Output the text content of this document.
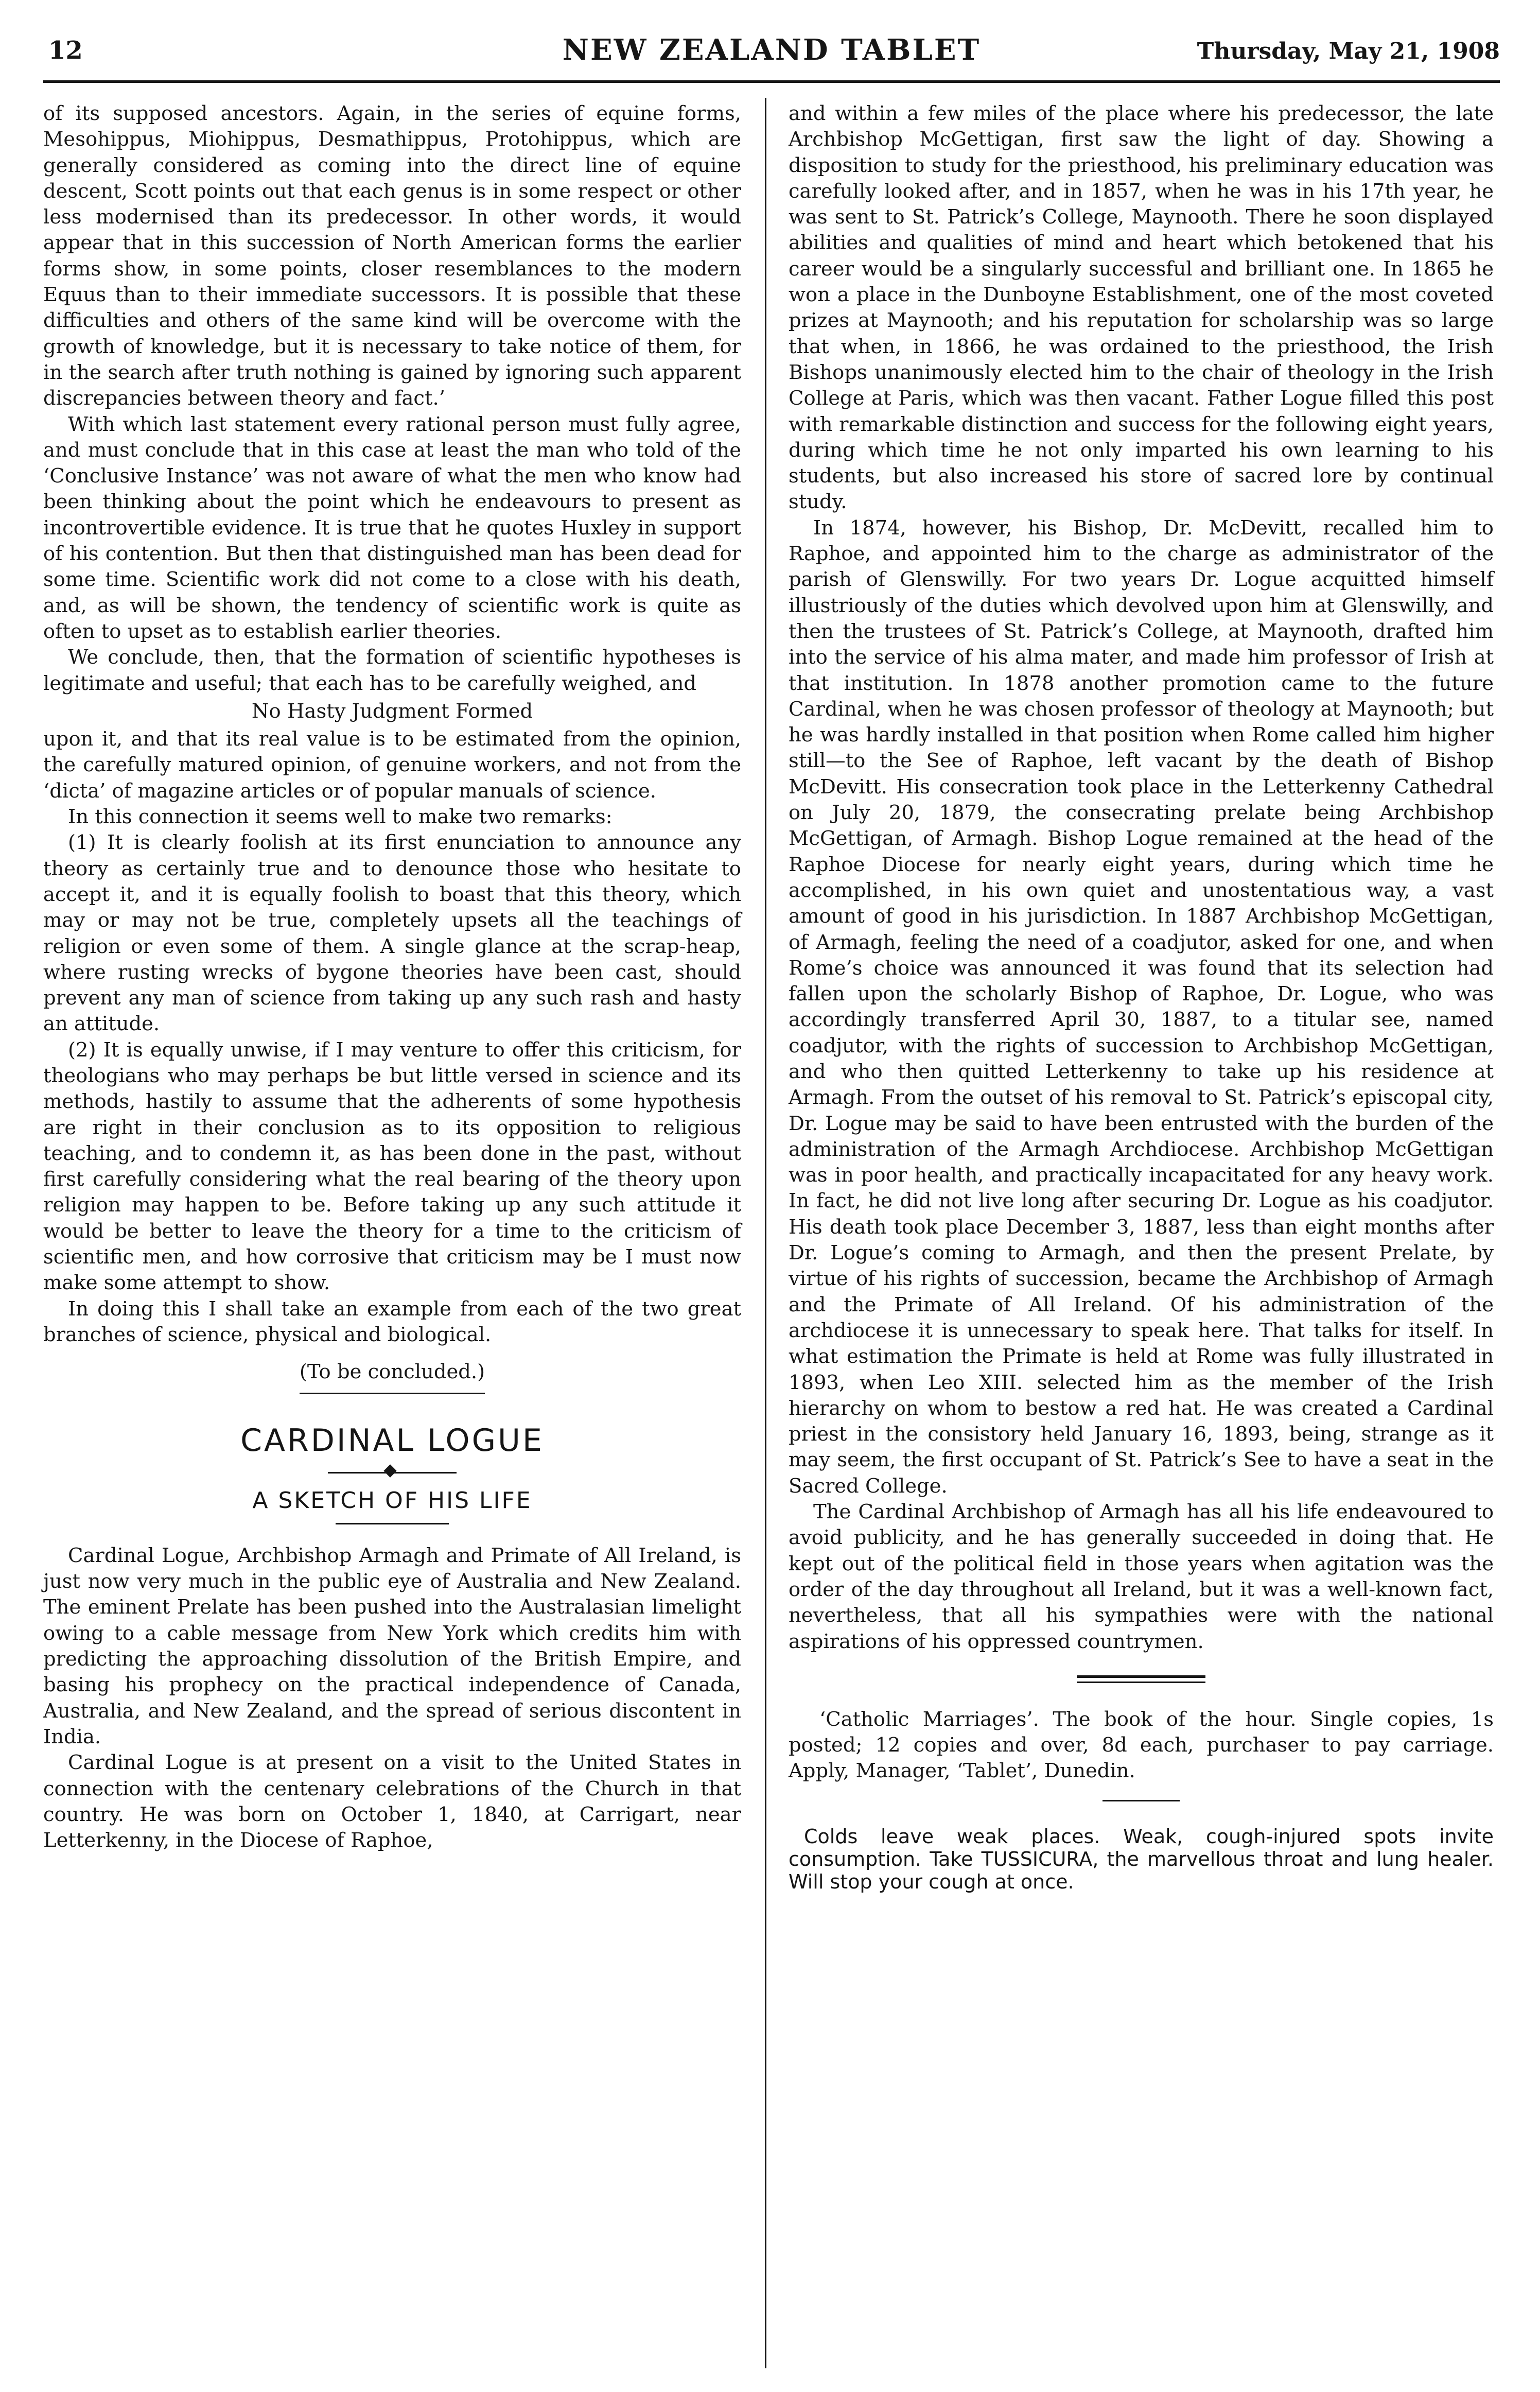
12	NEW ZEALAND TABLET	Thursday, May 21, 1908

of its supposed ancestors. Again, in the series of equine forms, Mesohippus, Miohippus, Desmathippus, Protohippus, which are generally considered as coming into the direct line of equine descent, Scott points out that each genus is in some respect or other less modernised than its predecessor. In other words, it would appear that in this succession of North American forms the earlier forms show, in some points, closer resemblances to the modern Equus than to their immediate successors. It is possible that these difficulties and others of the same kind will be overcome with the growth of knowledge, but it is necessary to take notice of them, for in the search after truth nothing is gained by ignoring such apparent discrepancies between theory and fact.’

With which last statement every rational person must fully agree, and must conclude that in this case at least the man who told of the ‘Conclusive Instance’ was not aware of what the men who know had been thinking about the point which he endeavours to present as incontrovertible evidence. It is true that he quotes Huxley in support of his contention. But then that distinguished man has been dead for some time. Scientific work did not come to a close with his death, and, as will be shown, the tendency of scientific work is quite as often to upset as to establish earlier theories.

We conclude, then, that the formation of scientific hypotheses is legitimate and useful; that each has to be carefully weighed, and

No Hasty Judgment Formed

upon it, and that its real value is to be estimated from the opinion, the carefully matured opinion, of genuine workers, and not from the ‘dicta’ of magazine articles or of popular manuals of science.

In this connection it seems well to make two remarks:

(1) It is clearly foolish at its first enunciation to announce any theory as certainly true and to denounce those who hesitate to accept it, and it is equally foolish to boast that this theory, which may or may not be true, completely upsets all the teachings of religion or even some of them. A single glance at the scrap-heap, where rusting wrecks of bygone theories have been cast, should prevent any man of science from taking up any such rash and hasty an attitude.

(2) It is equally unwise, if I may venture to offer this criticism, for theologians who may perhaps be but little versed in science and its methods, hastily to assume that the adherents of some hypothesis are right in their conclusion as to its opposition to religious teaching, and to condemn it, as has been done in the past, without first carefully considering what the real bearing of the theory upon religion may happen to be. Before taking up any such attitude it would be better to leave the theory for a time to the criticism of scientific men, and how corrosive that criticism may be I must now make some attempt to show.

In doing this I shall take an example from each of the two great branches of science, physical and biological.

(To be concluded.)
CARDINAL LOGUE
A SKETCH OF HIS LIFE

Cardinal Logue, Archbishop Armagh and Primate of All Ireland, is just now very much in the public eye of Australia and New Zealand. The eminent Prelate has been pushed into the Australasian limelight owing to a cable message from New York which credits him with predicting the approaching dissolution of the British Empire, and basing his prophecy on the practical independence of Canada, Australia, and New Zealand, and the spread of serious discontent in India.

Cardinal Logue is at present on a visit to the United States in connection with the centenary celebrations of the Church in that country. He was born on October 1, 1840, at Carrigart, near Letterkenny, in the Diocese of Raphoe,

and within a few miles of the place where his predecessor, the late Archbishop McGettigan, first saw the light of day. Showing a disposition to study for the priesthood, his preliminary education was carefully looked after, and in 1857, when he was in his 17th year, he was sent to St. Patrick’s College, Maynooth. There he soon displayed abilities and qualities of mind and heart which betokened that his career would be a singularly successful and brilliant one. In 1865 he won a place in the Dunboyne Establishment, one of the most coveted prizes at Maynooth; and his reputation for scholarship was so large that when, in 1866, he was ordained to the priesthood, the Irish Bishops unanimously elected him to the chair of theology in the Irish College at Paris, which was then vacant. Father Logue filled this post with remarkable distinction and success for the following eight years, during which time he not only imparted his own learning to his students, but also increased his store of sacred lore by continual study.

In 1874, however, his Bishop, Dr. McDevitt, recalled him to Raphoe, and appointed him to the charge as administrator of the parish of Glenswilly. For two years Dr. Logue acquitted himself illustriously of the duties which devolved upon him at Glenswilly, and then the trustees of St. Patrick’s College, at Maynooth, drafted him into the service of his alma mater, and made him professor of Irish at that institution. In 1878 another promotion came to the future Cardinal, when he was chosen professor of theology at Maynooth; but he was hardly installed in that position when Rome called him higher still—to the See of Raphoe, left vacant by the death of Bishop McDevitt. His consecration took place in the Letterkenny Cathedral on July 20, 1879, the consecrating prelate being Archbishop McGettigan, of Armagh. Bishop Logue remained at the head of the Raphoe Diocese for nearly eight years, during which time he accomplished, in his own quiet and unostentatious way, a vast amount of good in his jurisdiction. In 1887 Archbishop McGettigan, of Armagh, feeling the need of a coadjutor, asked for one, and when Rome’s choice was announced it was found that its selection had fallen upon the scholarly Bishop of Raphoe, Dr. Logue, who was accordingly transferred April 30, 1887, to a titular see, named coadjutor, with the rights of succession to Archbishop McGettigan, and who then quitted Letterkenny to take up his residence at Armagh. From the outset of his removal to St. Patrick’s episcopal city, Dr. Logue may be said to have been entrusted with the burden of the administration of the Armagh Archdiocese. Archbishop McGettigan was in poor health, and practically incapacitated for any heavy work. In fact, he did not live long after securing Dr. Logue as his coadjutor. His death took place December 3, 1887, less than eight months after Dr. Logue’s coming to Armagh, and then the present Prelate, by virtue of his rights of succession, became the Archbishop of Armagh and the Primate of All Ireland. Of his administration of the archdiocese it is unnecessary to speak here. That talks for itself. In what estimation the Primate is held at Rome was fully illustrated in 1893, when Leo XIII. selected him as the member of the Irish hierarchy on whom to bestow a red hat. He was created a Cardinal priest in the consistory held January 16, 1893, being, strange as it may seem, the first occupant of St. Patrick’s See to have a seat in the Sacred College.

The Cardinal Archbishop of Armagh has all his life endeavoured to avoid publicity, and he has generally succeeded in doing that. He kept out of the political field in those years when agitation was the order of the day throughout all Ireland, but it was a well-known fact, nevertheless, that all his sympathies were with the national aspirations of his oppressed countrymen.

‘Catholic Marriages’. The book of the hour. Single copies, 1s posted; 12 copies and over, 8d each, purchaser to pay carriage. Apply, Manager, ‘Tablet’, Dunedin.

Colds leave weak places. Weak, cough-injured spots invite consumption. Take TUSSICURA, the marvellous throat and lung healer. Will stop your cough at once.
